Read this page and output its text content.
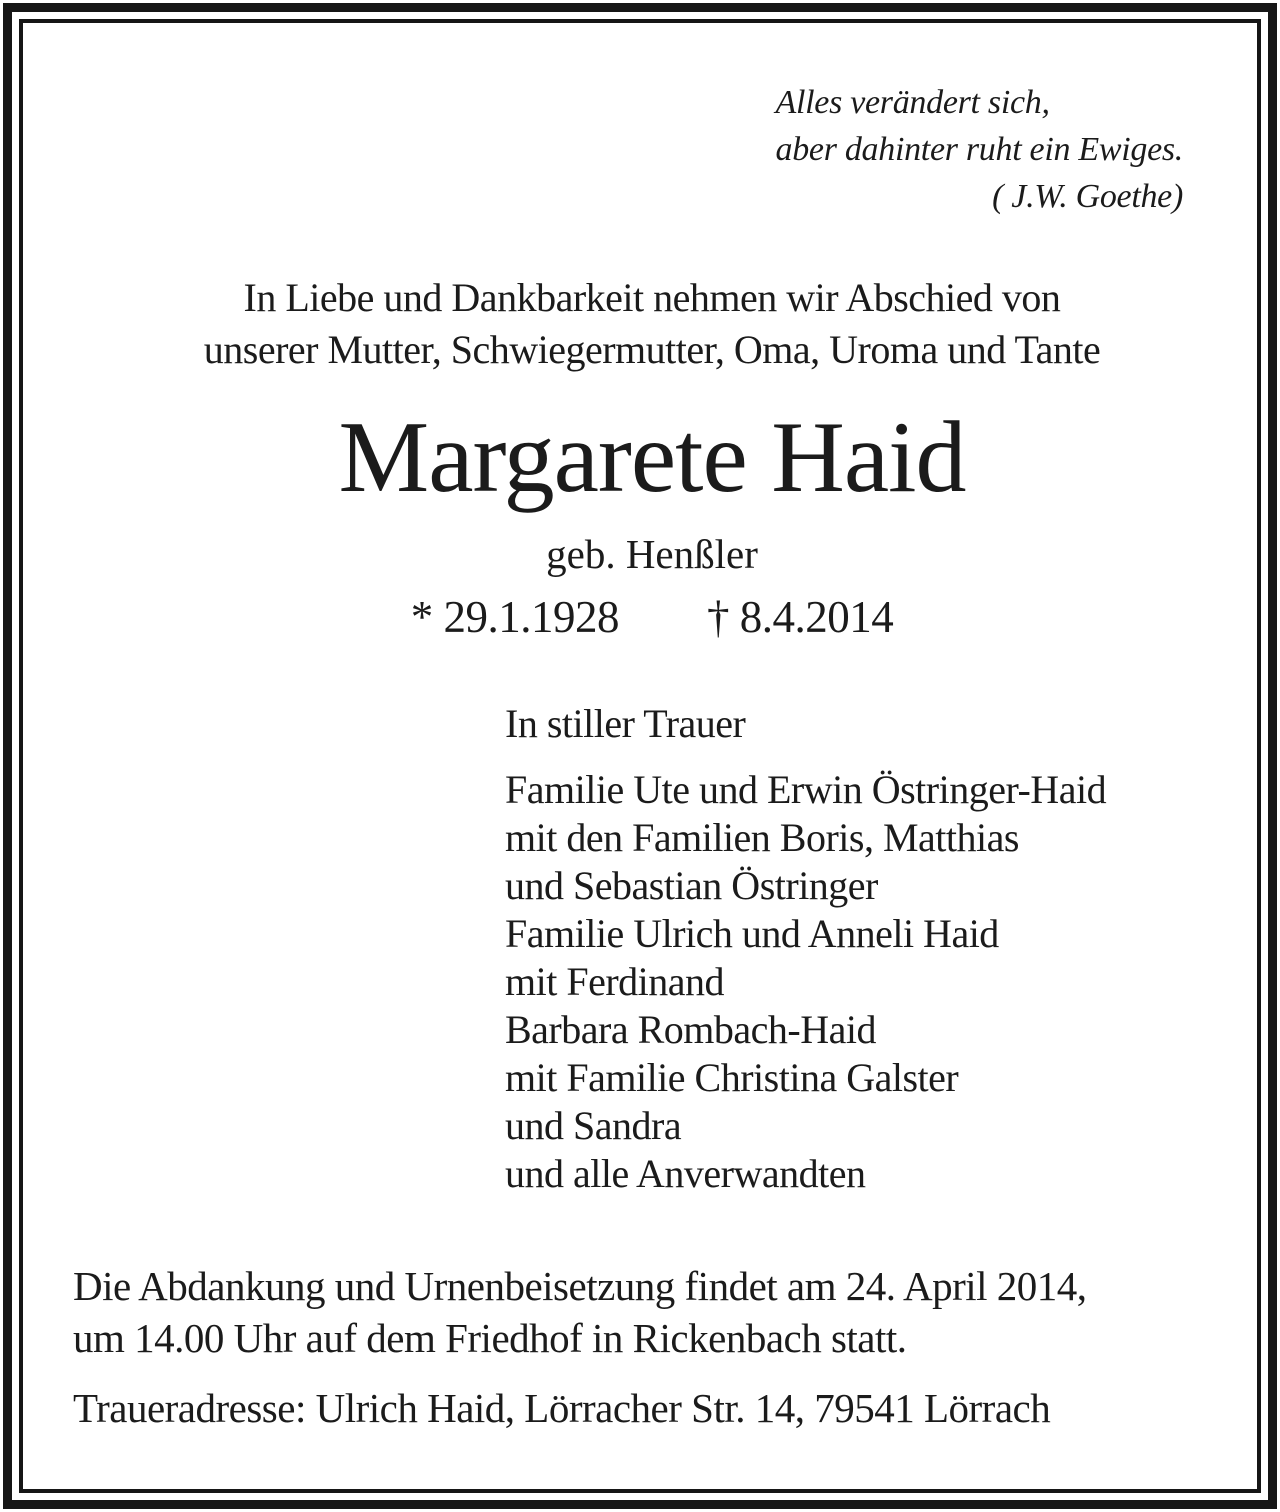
Alles verändert sich,
aber dahinter ruht ein Ewiges.
( J.W. Goethe)
In Liebe und Dankbarkeit nehmen wir Abschied von
unserer Mutter, Schwiegermutter, Oma, Uroma und Tante
Margarete Haid
geb. Henßler
* 29.1.1928 † 8.4.2014
In stiller Trauer
Familie Ute und Erwin Östringer-Haid
mit den Familien Boris, Matthias
und Sebastian Östringer
Familie Ulrich und Anneli Haid
mit Ferdinand
Barbara Rombach-Haid
mit Familie Christina Galster
und Sandra
und alle Anverwandten
Die Abdankung und Urnenbeisetzung findet am 24. April 2014,
um 14.00 Uhr auf dem Friedhof in Rickenbach statt.
Traueradresse: Ulrich Haid, Lörracher Str. 14, 79541 Lörrach
